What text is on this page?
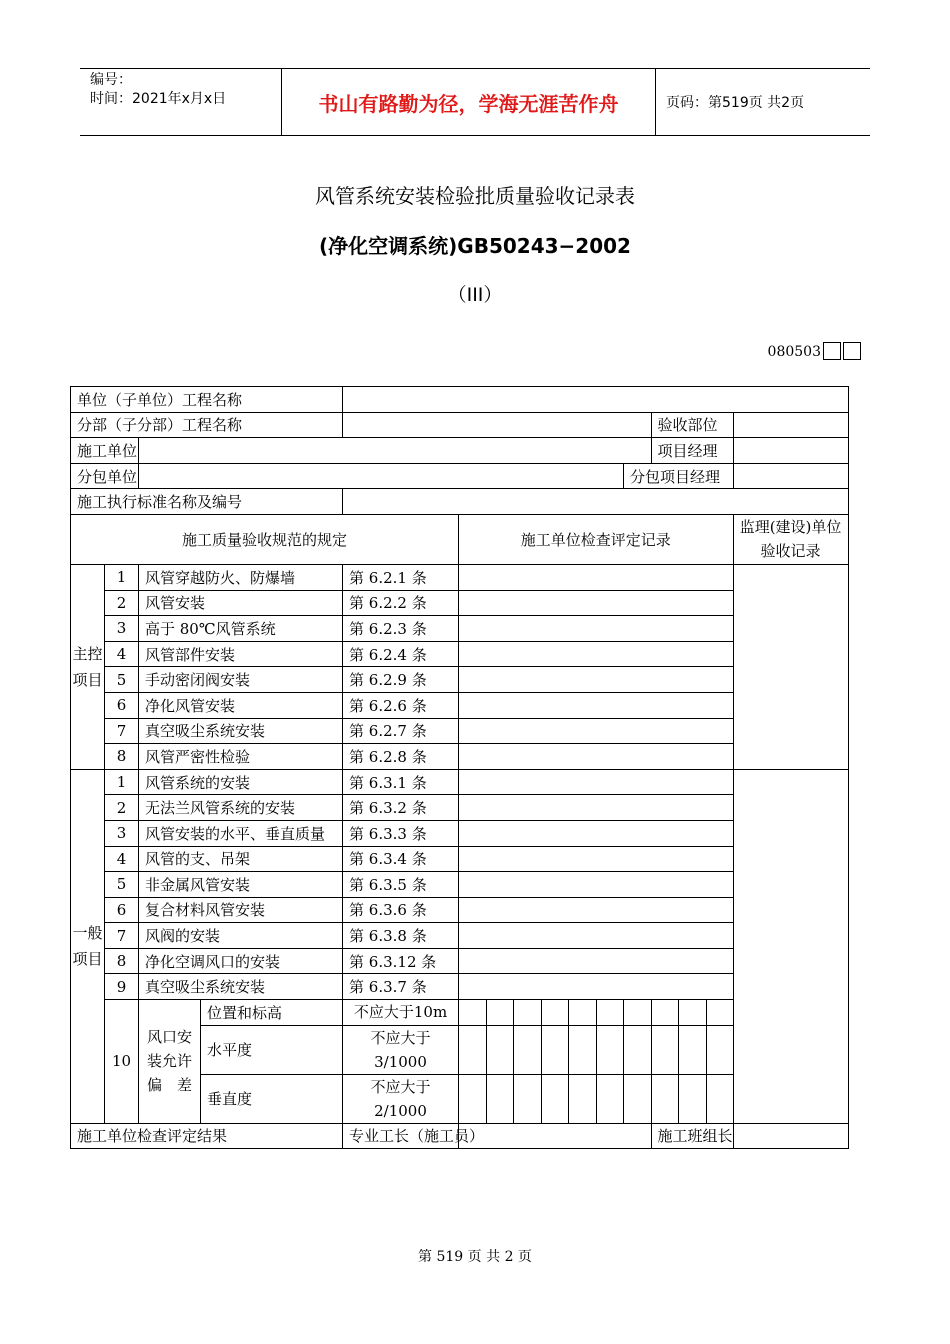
编号：
时间：2021年x月x日	书山有路勤为径，学海无涯苦作舟	页码：第519页 共2页
风管系统安装检验批质量验收记录表
(净化空调系统)GB50243−2002
（III）
080503
单位（子单位）工程名称															
分部（子分部）工程名称												验收部位			
施工单位												项目经理			
分包单位											分包项目经理				
施工执行标准名称及编号															
施工质量验收规范的规定					施工单位检查评定记录										监理(建设)单位验收记录
主控项目	1	风管穿越防火、防爆墙		第 6.2.1 条											
	2	风管安装		第 6.2.2 条											
	3	高于 80℃风管系统		第 6.2.3 条											
	4	风管部件安装		第 6.2.4 条											
	5	手动密闭阀安装		第 6.2.9 条											
	6	净化风管安装		第 6.2.6 条											
	7	真空吸尘系统安装		第 6.2.7 条											
	8	风管严密性检验		第 6.2.8 条											
一般项目	1	风管系统的安装		第 6.3.1 条											
	2	无法兰风管系统的安装		第 6.3.2 条											
	3	风管安装的水平、垂直质量		第 6.3.3 条											
	4	风管的支、吊架		第 6.3.4 条											
	5	非金属风管安装		第 6.3.5 条											
	6	复合材料风管安装		第 6.3.6 条											
	7	风阀的安装		第 6.3.8 条											
	8	净化空调风口的安装		第 6.3.12 条											
	9	真空吸尘系统安装		第 6.3.7 条											
	10	风口安装允许偏差	位置和标高	不应大于10m											

			水平度	不应大于3/1000											

			垂直度	不应大于2/1000											

施工单位检查评定结果				专业工长（施工员）								施工班组长			
第 519 页 共 2 页
